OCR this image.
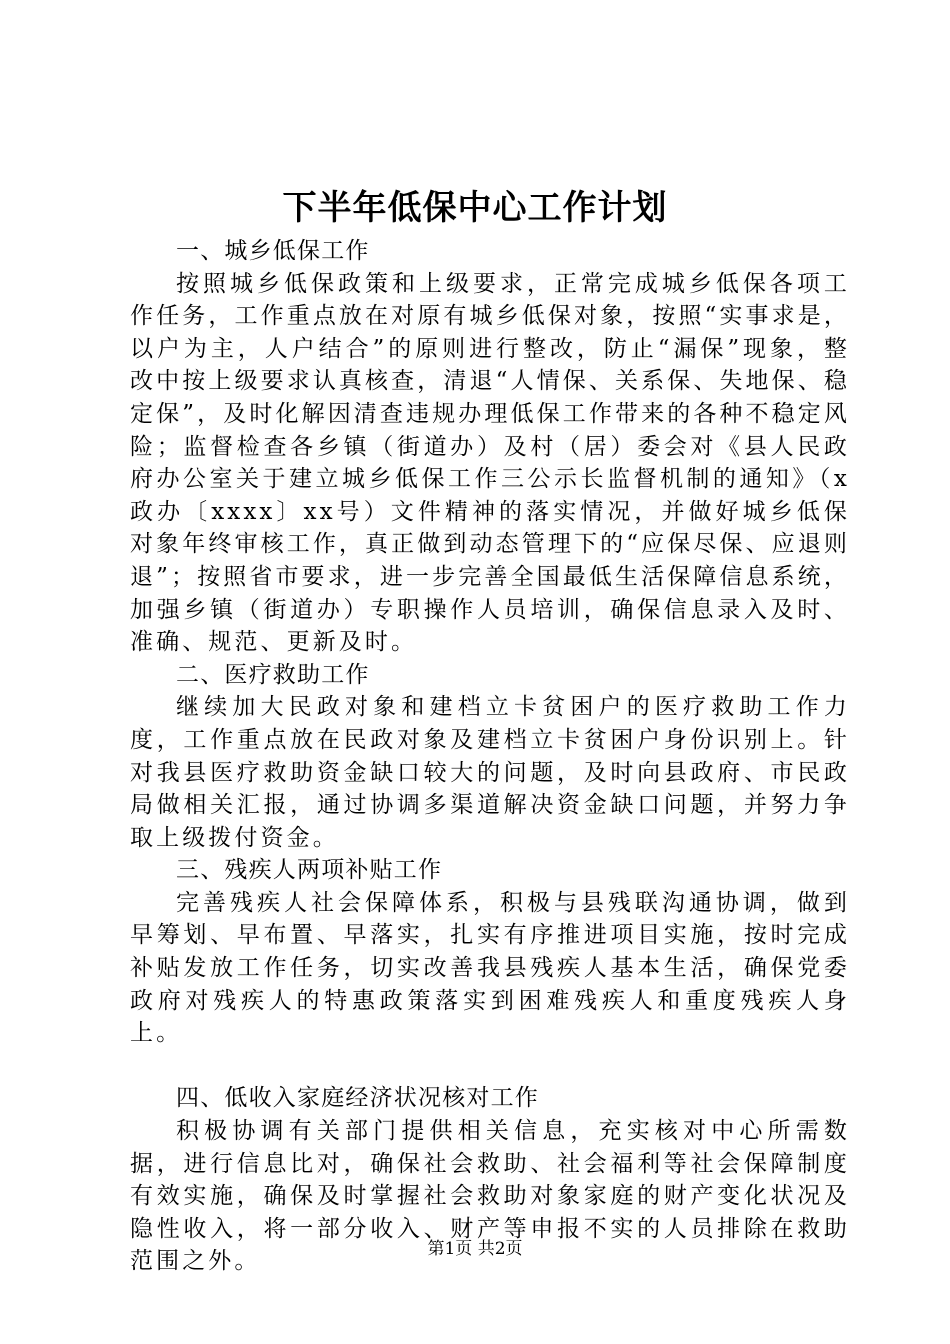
下半年低保中心工作计划

一、城乡低保工作

按照城乡低保政策和上级要求，正常完成城乡低保各项工作任务，工作重点放在对原有城乡低保对象，按照“实事求是，以户为主，人户结合”的原则进行整改，防止“漏保”现象，整改中按上级要求认真核查，清退“人情保、关系保、失地保、稳定保”，及时化解因清查违规办理低保工作带来的各种不稳定风险；监督检查各乡镇（街道办）及村（居）委会对《县人民政府办公室关于建立城乡低保工作三公示长监督机制的通知》（x政办〔xxxx〕xx号）文件精神的落实情况，并做好城乡低保对象年终审核工作，真正做到动态管理下的“应保尽保、应退则退”；按照省市要求，进一步完善全国最低生活保障信息系统，加强乡镇（街道办）专职操作人员培训，确保信息录入及时、准确、规范、更新及时。

二、医疗救助工作

继续加大民政对象和建档立卡贫困户的医疗救助工作力度，工作重点放在民政对象及建档立卡贫困户身份识别上。针对我县医疗救助资金缺口较大的问题，及时向县政府、市民政局做相关汇报，通过协调多渠道解决资金缺口问题，并努力争取上级拨付资金。

三、残疾人两项补贴工作

完善残疾人社会保障体系，积极与县残联沟通协调，做到早筹划、早布置、早落实，扎实有序推进项目实施，按时完成补贴发放工作任务，切实改善我县残疾人基本生活，确保党委政府对残疾人的特惠政策落实到困难残疾人和重度残疾人身上。

四、低收入家庭经济状况核对工作

积极协调有关部门提供相关信息，充实核对中心所需数据，进行信息比对，确保社会救助、社会福利等社会保障制度有效实施，确保及时掌握社会救助对象家庭的财产变化状况及隐性收入，将一部分收入、财产等申报不实的人员排除在救助范围之外。	第1页 共2页
